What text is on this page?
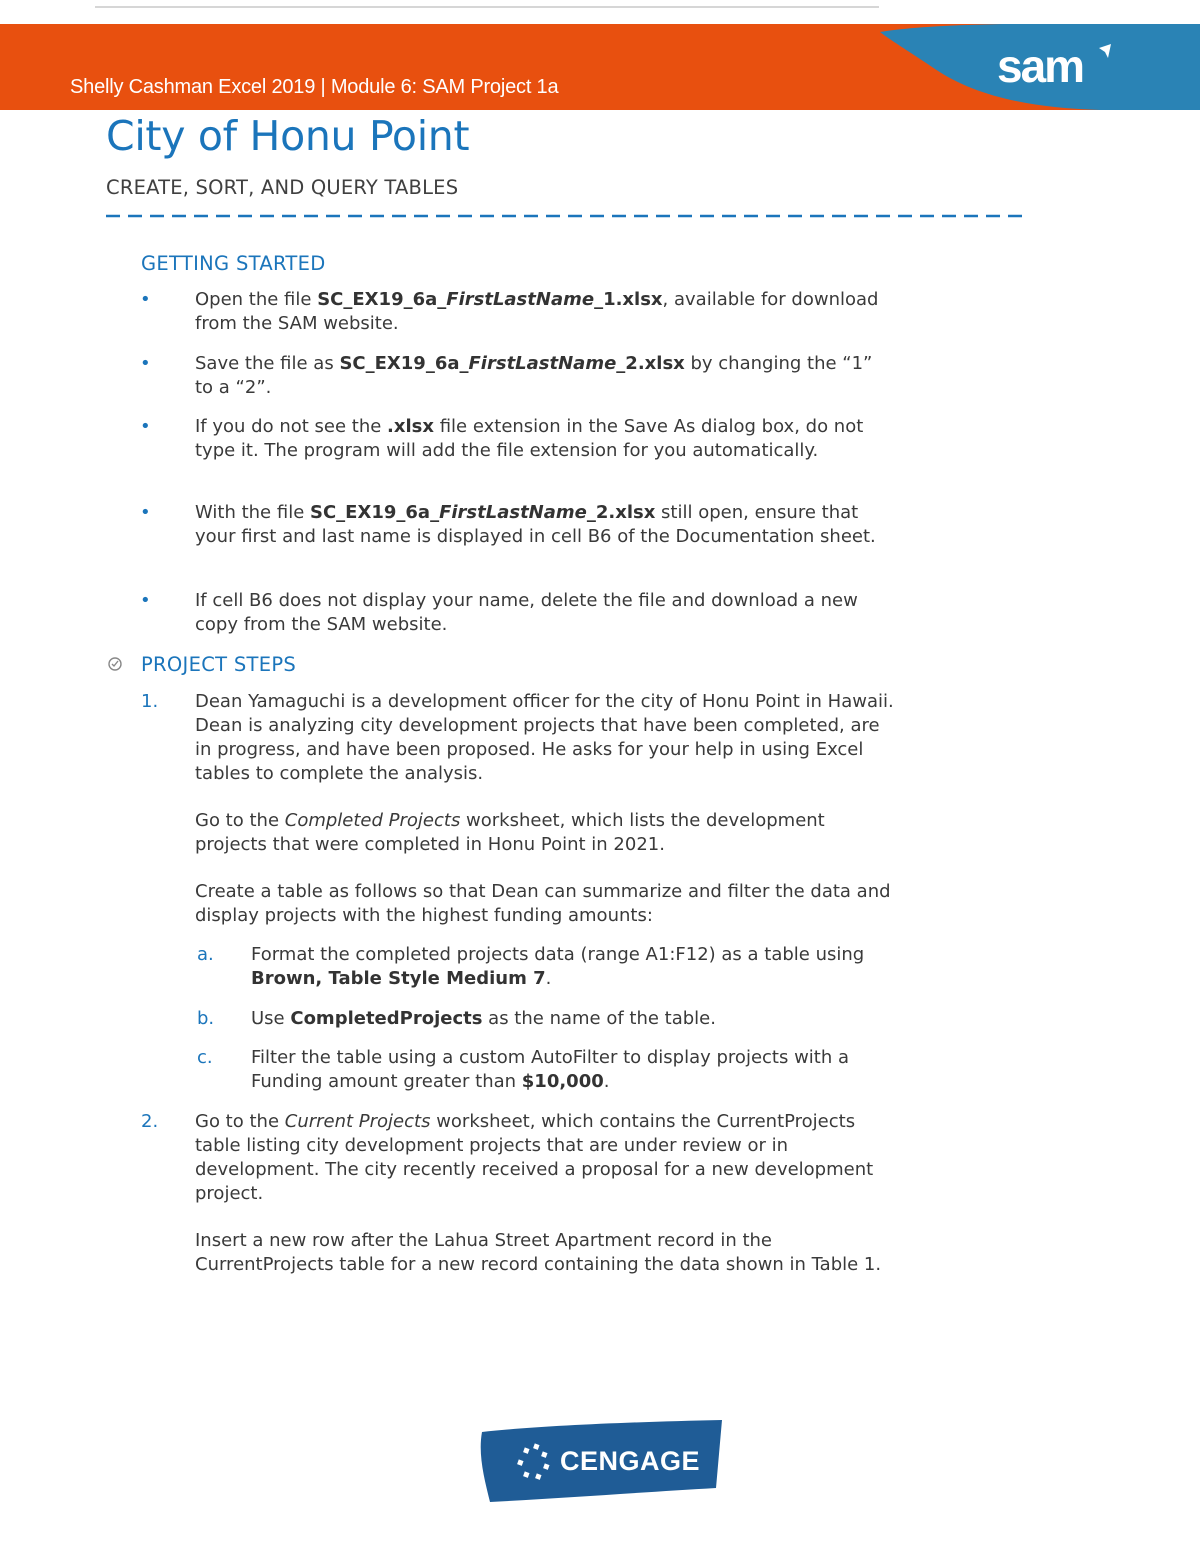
Shelly Cashman Excel 2019 | Module 6: SAM Project 1a	sam
City of Honu Point
CREATE, SORT, AND QUERY TABLES
GETTING STARTED
• Open the file SC_EX19_6a_FirstLastName_1.xlsx, available for download from the SAM website.
• Save the file as SC_EX19_6a_FirstLastName_2.xlsx by changing the “1” to a “2”.
• If you do not see the .xlsx file extension in the Save As dialog box, do not type it. The program will add the file extension for you automatically.
• With the file SC_EX19_6a_FirstLastName_2.xlsx still open, ensure that your first and last name is displayed in cell B6 of the Documentation sheet.
• If cell B6 does not display your name, delete the file and download a new copy from the SAM website.
PROJECT STEPS
1. Dean Yamaguchi is a development officer for the city of Honu Point in Hawaii. Dean is analyzing city development projects that have been completed, are in progress, and have been proposed. He asks for your help in using Excel tables to complete the analysis.
Go to the Completed Projects worksheet, which lists the development projects that were completed in Honu Point in 2021.
Create a table as follows so that Dean can summarize and filter the data and display projects with the highest funding amounts:
a. Format the completed projects data (range A1:F12) as a table using Brown, Table Style Medium 7.
b. Use CompletedProjects as the name of the table.
c. Filter the table using a custom AutoFilter to display projects with a Funding amount greater than $10,000.
2. Go to the Current Projects worksheet, which contains the CurrentProjects table listing city development projects that are under review or in development. The city recently received a proposal for a new development project.
Insert a new row after the Lahua Street Apartment record in the CurrentProjects table for a new record containing the data shown in Table 1.
CENGAGE
